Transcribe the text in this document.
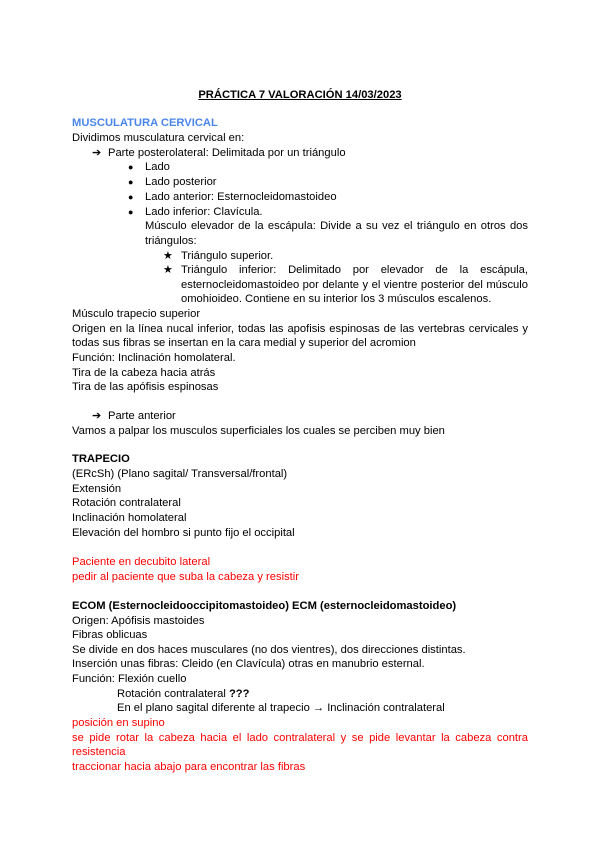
PRÁCTICA 7 VALORACIÓN 14/03/2023
MUSCULATURA CERVICAL
Dividimos musculatura cervical en:
➔ Parte posterolateral: Delimitada por un triángulo
● Lado
● Lado posterior
● Lado anterior: Esternocleidomastoideo
● Lado inferior: Clavícula.
Músculo elevador de la escápula: Divide a su vez el triángulo en otros dos
triángulos:
★ Triángulo superior.
★ Triángulo inferior: Delimitado por elevador de la escápula,
esternocleidomastoideo por delante y el vientre posterior del músculo
omohioideo. Contiene en su interior los 3 músculos escalenos.
Músculo trapecio superior
Origen en la línea nucal inferior, todas las apofisis espinosas de las vertebras cervicales y
todas sus fibras se insertan en la cara medial y superior del acromion
Función: Inclinación homolateral.
Tira de la cabeza hacia atrás
Tira de las apófisis espinosas
➔ Parte anterior
Vamos a palpar los musculos superficiales los cuales se perciben muy bien
TRAPECIO
(ERcSh) (Plano sagital/ Transversal/frontal)
Extensión
Rotación contralateral
Inclinación homolateral
Elevación del hombro si punto fijo el occipital
Paciente en decubito lateral
pedir al paciente que suba la cabeza y resistir
ECOM (Esternocleidooccipitomastoideo) ECM (esternocleidomastoideo)
Origen: Apófisis mastoides
Fibras oblicuas
Se divide en dos haces musculares (no dos vientres), dos direcciones distintas.
Inserción unas fibras: Cleido (en Clavícula) otras en manubrio esternal.
Función: Flexión cuello
Rotación contralateral ???
En el plano sagital diferente al trapecio → Inclinación contralateral
posición en supino
se pide rotar la cabeza hacia el lado contralateral y se pide levantar la cabeza contra
resistencia
traccionar hacia abajo para encontrar las fibras
